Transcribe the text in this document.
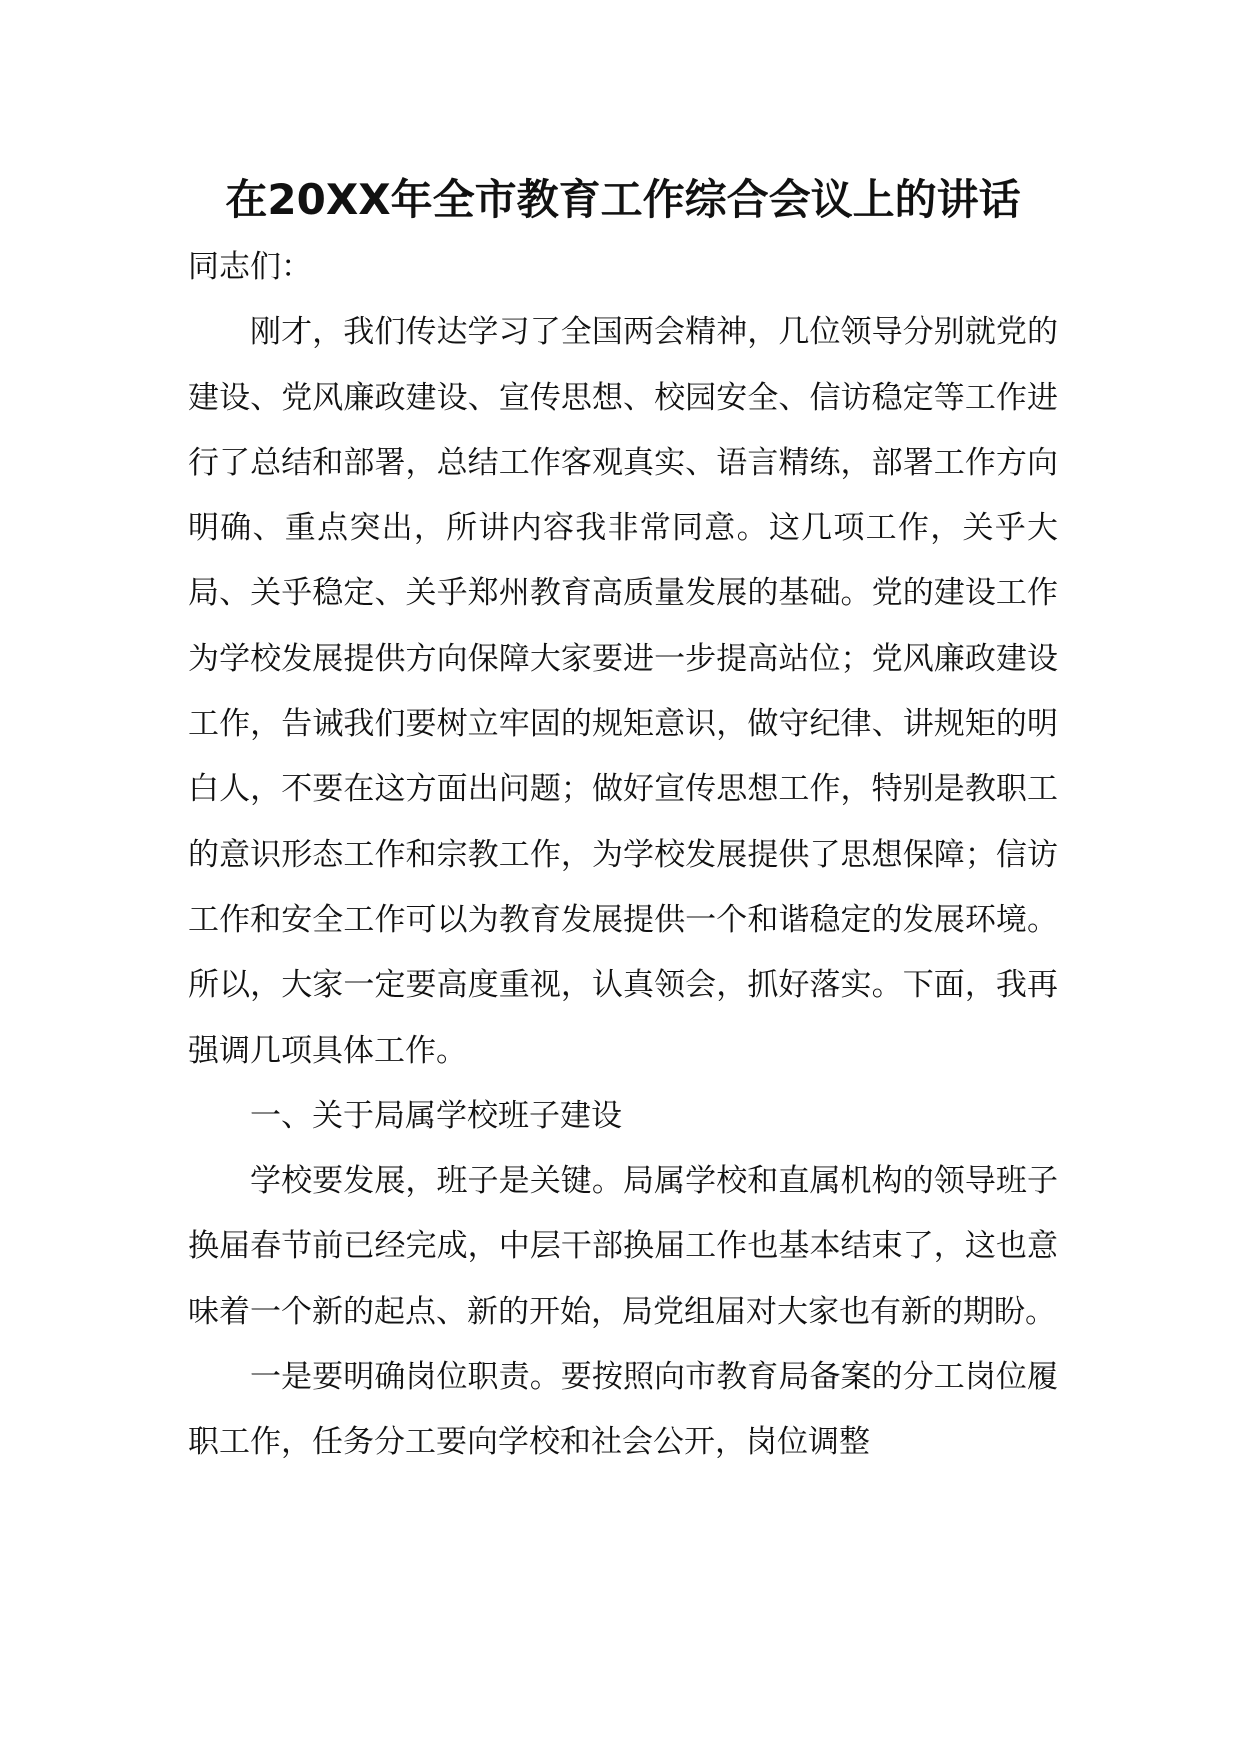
在20XX年全市教育工作综合会议上的讲话

同志们：

刚才，我们传达学习了全国两会精神，几位领导分别就党的建设、党风廉政建设、宣传思想、校园安全、信访稳定等工作进行了总结和部署，总结工作客观真实、语言精练，部署工作方向明确、重点突出，所讲内容我非常同意。这几项工作，关乎大局、关乎稳定、关乎郑州教育高质量发展的基础。党的建设工作为学校发展提供方向保障大家要进一步提高站位；党风廉政建设工作，告诫我们要树立牢固的规矩意识，做守纪律、讲规矩的明白人，不要在这方面出问题；做好宣传思想工作，特别是教职工的意识形态工作和宗教工作，为学校发展提供了思想保障；信访工作和安全工作可以为教育发展提供一个和谐稳定的发展环境。所以，大家一定要高度重视，认真领会，抓好落实。下面，我再强调几项具体工作。

一、关于局属学校班子建设

学校要发展，班子是关键。局属学校和直属机构的领导班子换届春节前已经完成，中层干部换届工作也基本结束了，这也意味着一个新的起点、新的开始，局党组届对大家也有新的期盼。

一是要明确岗位职责。要按照向市教育局备案的分工岗位履职工作，任务分工要向学校和社会公开，岗位调整
